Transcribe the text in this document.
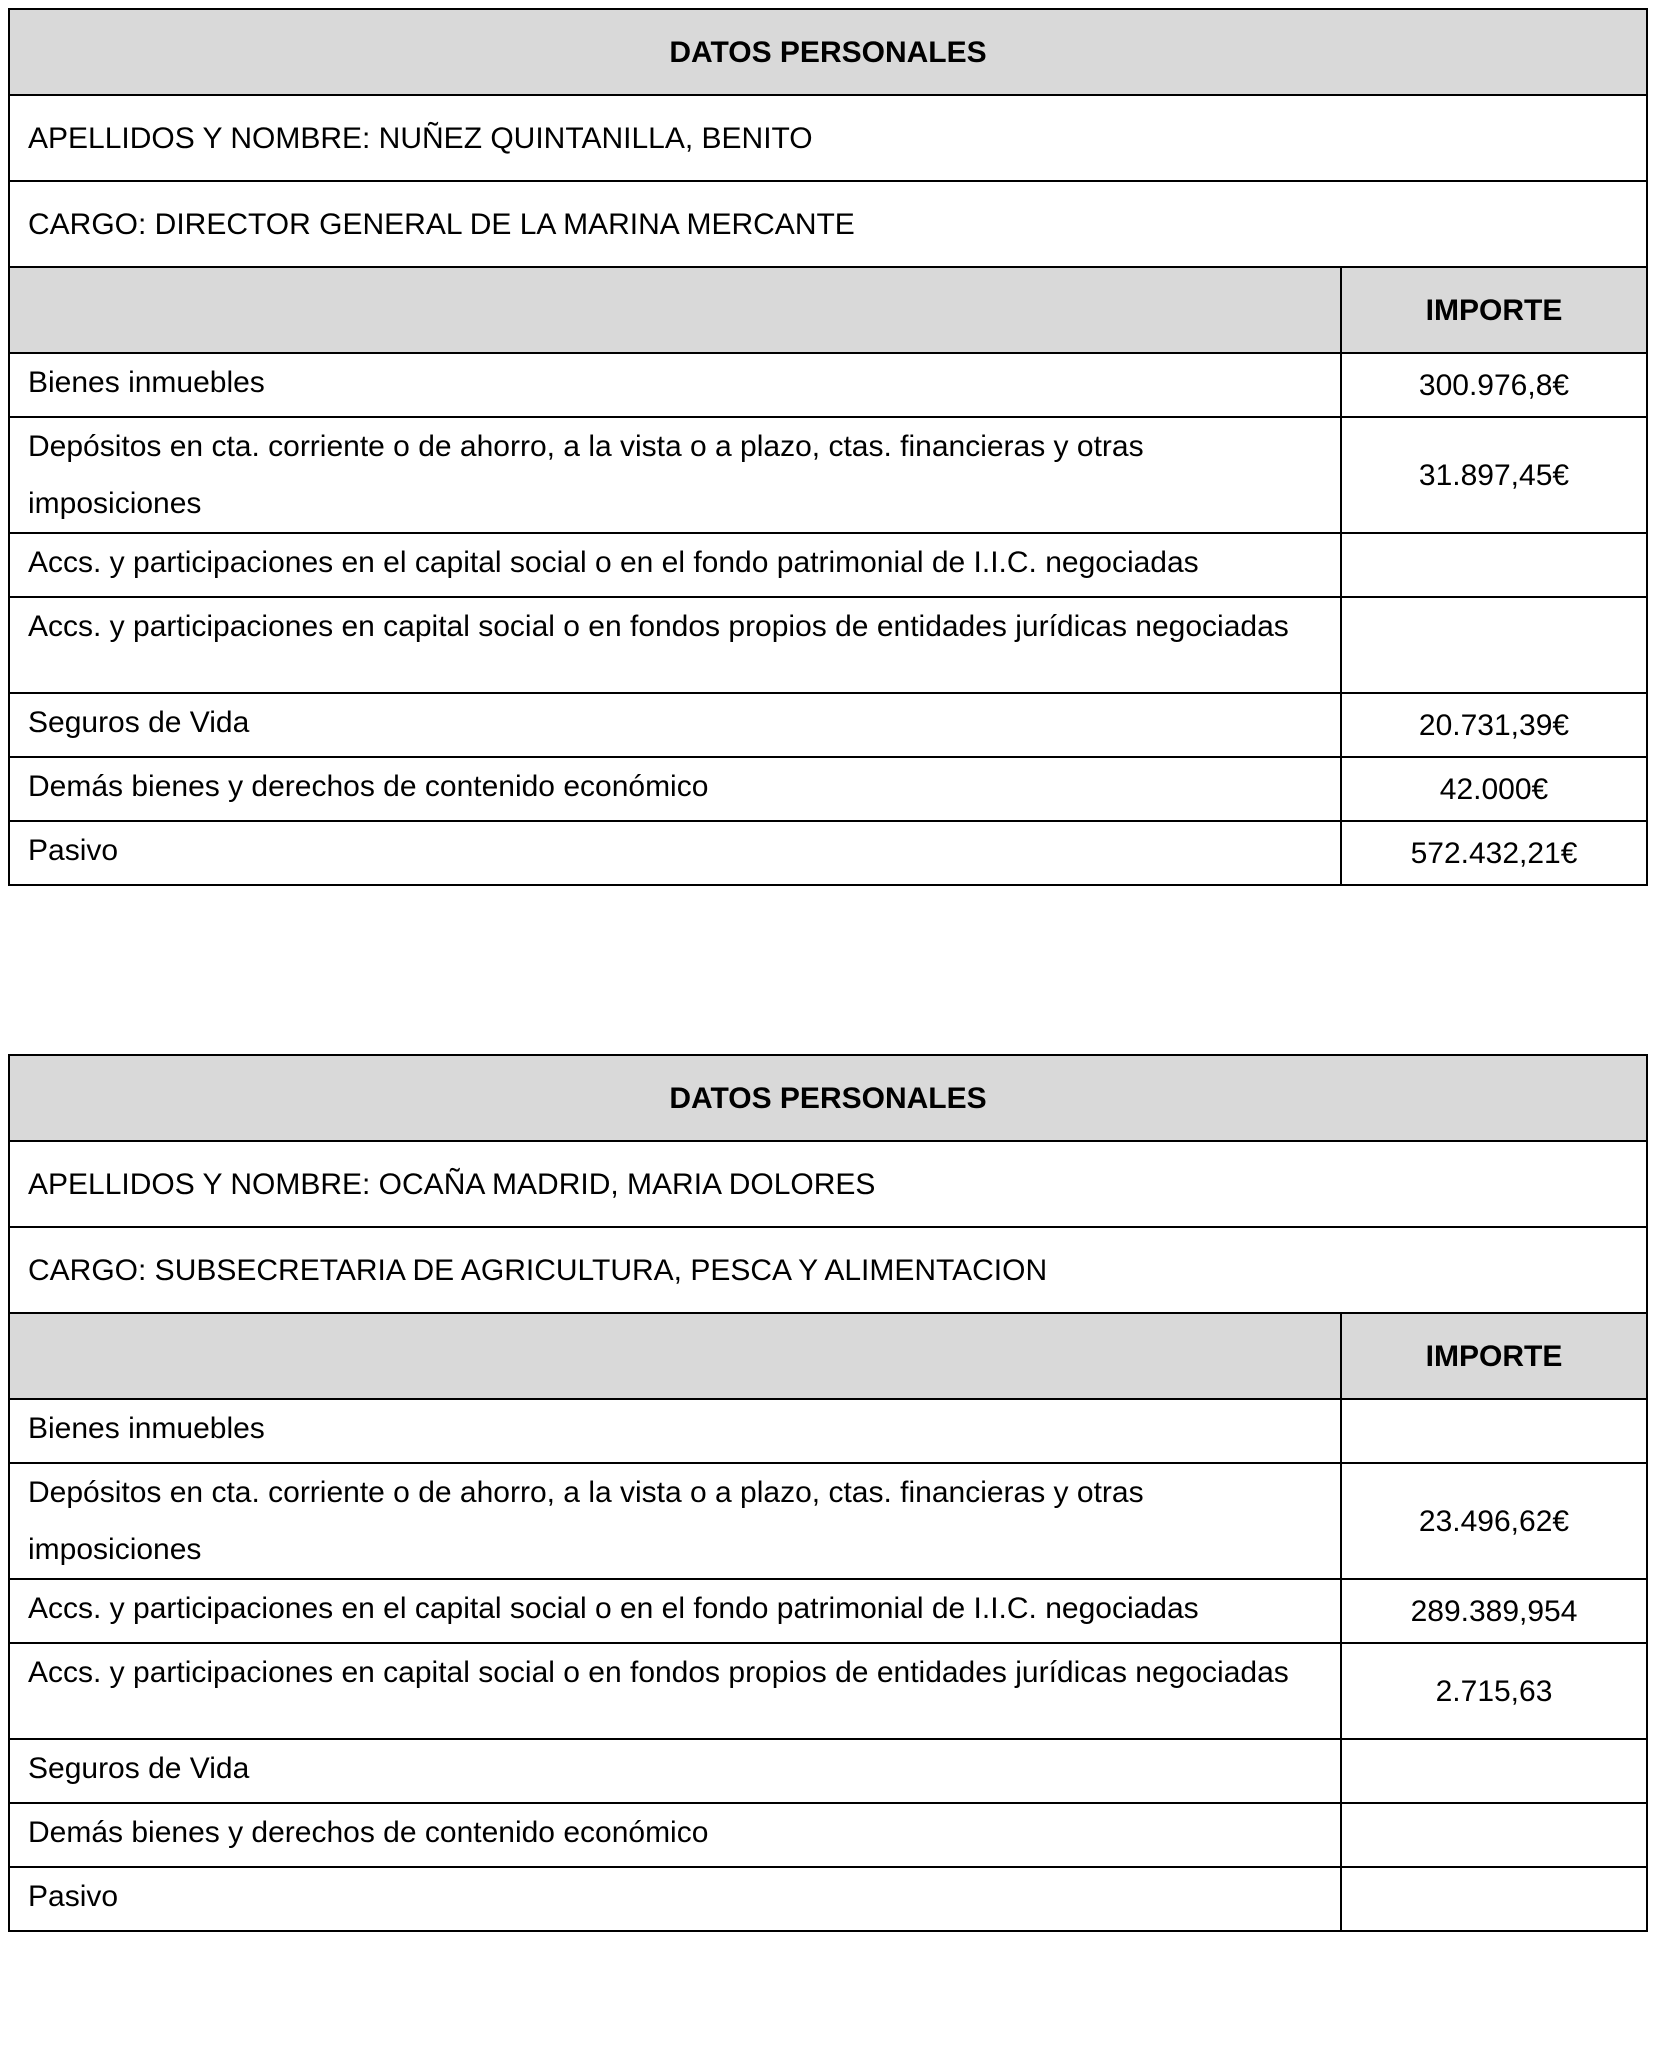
DATOS PERSONALES	
APELLIDOS Y NOMBRE: NUÑEZ QUINTANILLA, BENITO	
CARGO: DIRECTOR GENERAL DE LA MARINA MERCANTE	
	IMPORTE
Bienes inmuebles	300.976,8€
Depósitos en cta. corriente o de ahorro, a la vista o a plazo, ctas. financieras y otras imposiciones	31.897,45€
Accs. y participaciones en el capital social o en el fondo patrimonial de I.I.C. negociadas	
Accs. y participaciones en capital social o en fondos propios de entidades jurídicas negociadas	
Seguros de Vida	20.731,39€
Demás bienes y derechos de contenido económico	42.000€
Pasivo	572.432,21€
DATOS PERSONALES	
APELLIDOS Y NOMBRE: OCAÑA MADRID, MARIA DOLORES	
CARGO: SUBSECRETARIA DE AGRICULTURA, PESCA Y ALIMENTACION	
	IMPORTE
Bienes inmuebles	
Depósitos en cta. corriente o de ahorro, a la vista o a plazo, ctas. financieras y otras imposiciones	23.496,62€
Accs. y participaciones en el capital social o en el fondo patrimonial de I.I.C. negociadas	289.389,954
Accs. y participaciones en capital social o en fondos propios de entidades jurídicas negociadas	2.715,63
Seguros de Vida	
Demás bienes y derechos de contenido económico	
Pasivo	
